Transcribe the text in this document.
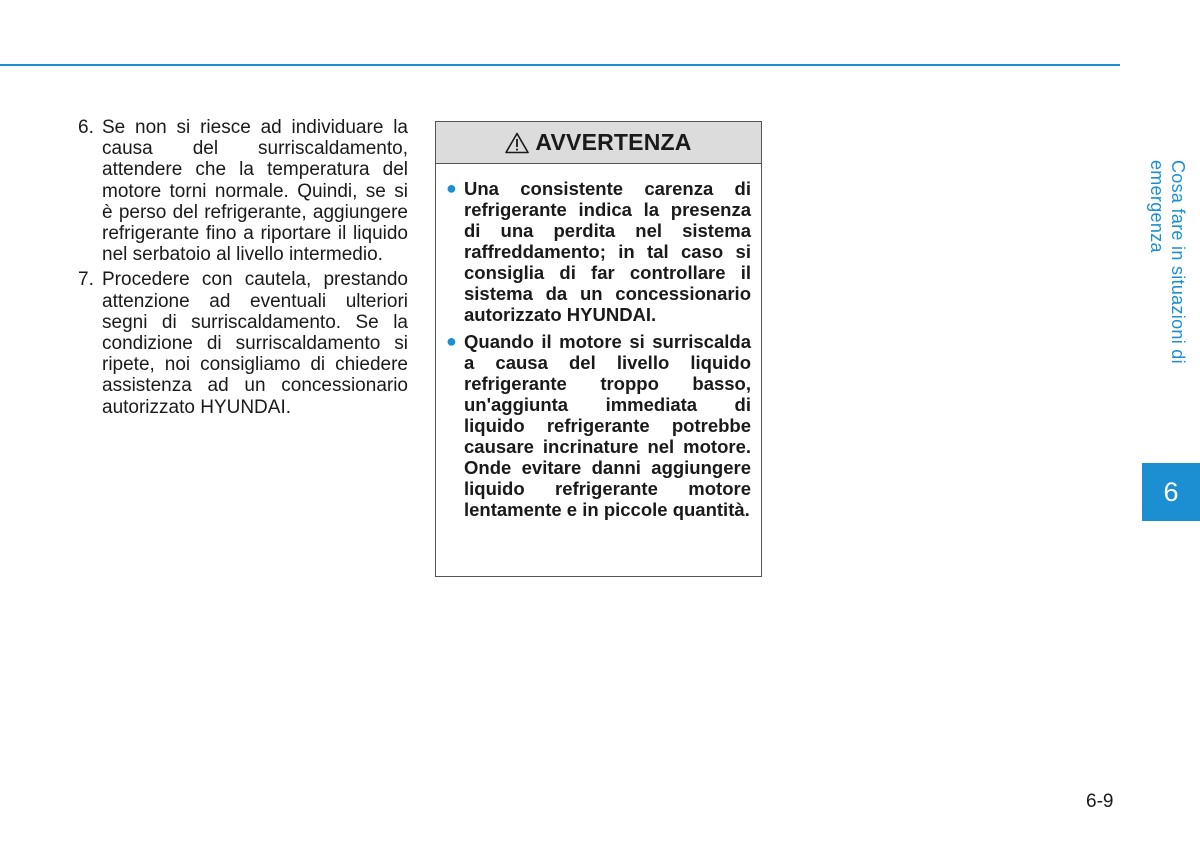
6. Se non si riesce ad individuare la causa del surriscaldamento, attendere che la temperatura del motore torni normale. Quindi, se si è perso del refrigerante, aggiungere refrigerante fino a riportare il liquido nel serbatoio al livello intermedio.
7. Procedere con cautela, prestando attenzione ad eventuali ulteriori segni di surriscaldamento. Se la condizione di surriscaldamento si ripete, noi consigliamo di chiedere assistenza ad un concessionario autorizzato HYUNDAI.
AVVERTENZA
● Una consistente carenza di refrigerante indica la presenza di una perdita nel sistema raffreddamento; in tal caso si consiglia di far controllare il sistema da un concessionario autorizzato HYUNDAI.
● Quando il motore si surriscalda a causa del livello liquido refrigerante troppo basso, un'aggiunta immediata di liquido refrigerante potrebbe causare incrinature nel motore. Onde evitare danni aggiungere liquido refrigerante motore lentamente e in piccole quantità.
Cosa fare in situazioni di emergenza
6
6-9
